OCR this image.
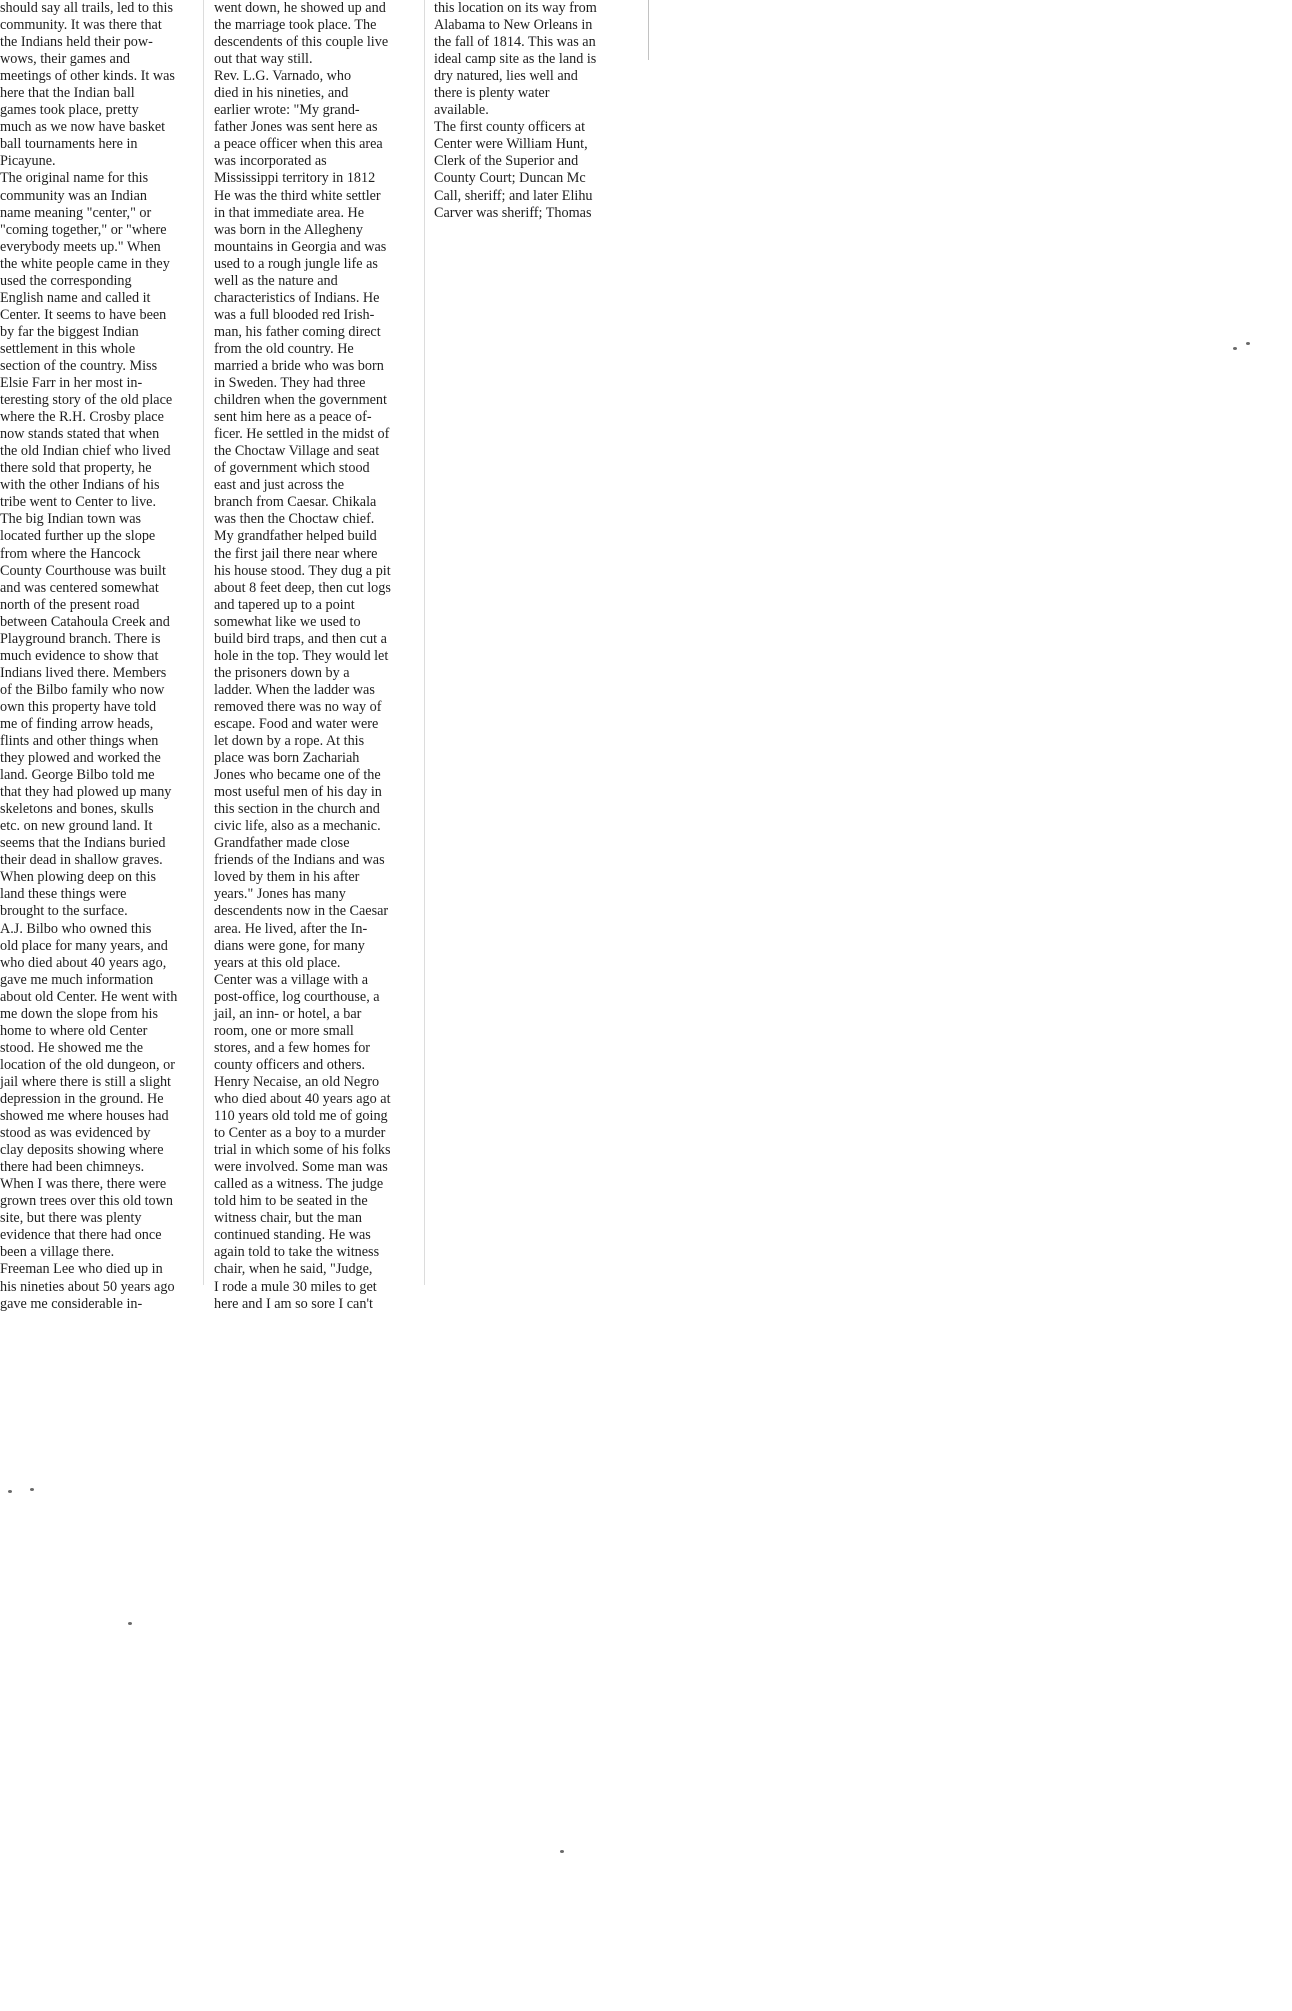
should say all trails, led to this
community. It was there that
the Indians held their pow-
wows, their games and
meetings of other kinds. It was
here that the Indian ball
games took place, pretty
much as we now have basket
ball tournaments here in
Picayune.
The original name for this
community was an Indian
name meaning "center," or
"coming together," or "where
everybody meets up." When
the white people came in they
used the corresponding
English name and called it
Center. It seems to have been
by far the biggest Indian
settlement in this whole
section of the country. Miss
Elsie Farr in her most in-
teresting story of the old place
where the R.H. Crosby place
now stands stated that when
the old Indian chief who lived
there sold that property, he
with the other Indians of his
tribe went to Center to live.
The big Indian town was
located further up the slope
from where the Hancock
County Courthouse was built
and was centered somewhat
north of the present road
between Catahoula Creek and
Playground branch. There is
much evidence to show that
Indians lived there. Members
of the Bilbo family who now
own this property have told
me of finding arrow heads,
flints and other things when
they plowed and worked the
land. George Bilbo told me
that they had plowed up many
skeletons and bones, skulls
etc. on new ground land. It
seems that the Indians buried
their dead in shallow graves.
When plowing deep on this
land these things were
brought to the surface.
A.J. Bilbo who owned this
old place for many years, and
who died about 40 years ago,
gave me much information
about old Center. He went with
me down the slope from his
home to where old Center
stood. He showed me the
location of the old dungeon, or
jail where there is still a slight
depression in the ground. He
showed me where houses had
stood as was evidenced by
clay deposits showing where
there had been chimneys.
When I was there, there were
grown trees over this old town
site, but there was plenty
evidence that there had once
been a village there.
Freeman Lee who died up in
his nineties about 50 years ago
gave me considerable in-
went down, he showed up and
the marriage took place. The
descendents of this couple live
out that way still.
Rev. L.G. Varnado, who
died in his nineties, and
earlier wrote: "My grand-
father Jones was sent here as
a peace officer when this area
was incorporated as
Mississippi territory in 1812
He was the third white settler
in that immediate area. He
was born in the Allegheny
mountains in Georgia and was
used to a rough jungle life as
well as the nature and
characteristics of Indians. He
was a full blooded red Irish-
man, his father coming direct
from the old country. He
married a bride who was born
in Sweden. They had three
children when the government
sent him here as a peace of-
ficer. He settled in the midst of
the Choctaw Village and seat
of government which stood
east and just across the
branch from Caesar. Chikala
was then the Choctaw chief.
My grandfather helped build
the first jail there near where
his house stood. They dug a pit
about 8 feet deep, then cut logs
and tapered up to a point
somewhat like we used to
build bird traps, and then cut a
hole in the top. They would let
the prisoners down by a
ladder. When the ladder was
removed there was no way of
escape. Food and water were
let down by a rope. At this
place was born Zachariah
Jones who became one of the
most useful men of his day in
this section in the church and
civic life, also as a mechanic.
Grandfather made close
friends of the Indians and was
loved by them in his after
years." Jones has many
descendents now in the Caesar
area. He lived, after the In-
dians were gone, for many
years at this old place.
Center was a village with a
post-office, log courthouse, a
jail, an inn- or hotel, a bar
room, one or more small
stores, and a few homes for
county officers and others.
Henry Necaise, an old Negro
who died about 40 years ago at
110 years old told me of going
to Center as a boy to a murder
trial in which some of his folks
were involved. Some man was
called as a witness. The judge
told him to be seated in the
witness chair, but the man
continued standing. He was
again told to take the witness
chair, when he said, "Judge,
I rode a mule 30 miles to get
here and I am so sore I can't
this location on its way from
Alabama to New Orleans in
the fall of 1814. This was an
ideal camp site as the land is
dry natured, lies well and
there is plenty water
available.
The first county officers at
Center were William Hunt,
Clerk of the Superior and
County Court; Duncan Mc
Call, sheriff; and later Elihu
Carver was sheriff; Thomas
